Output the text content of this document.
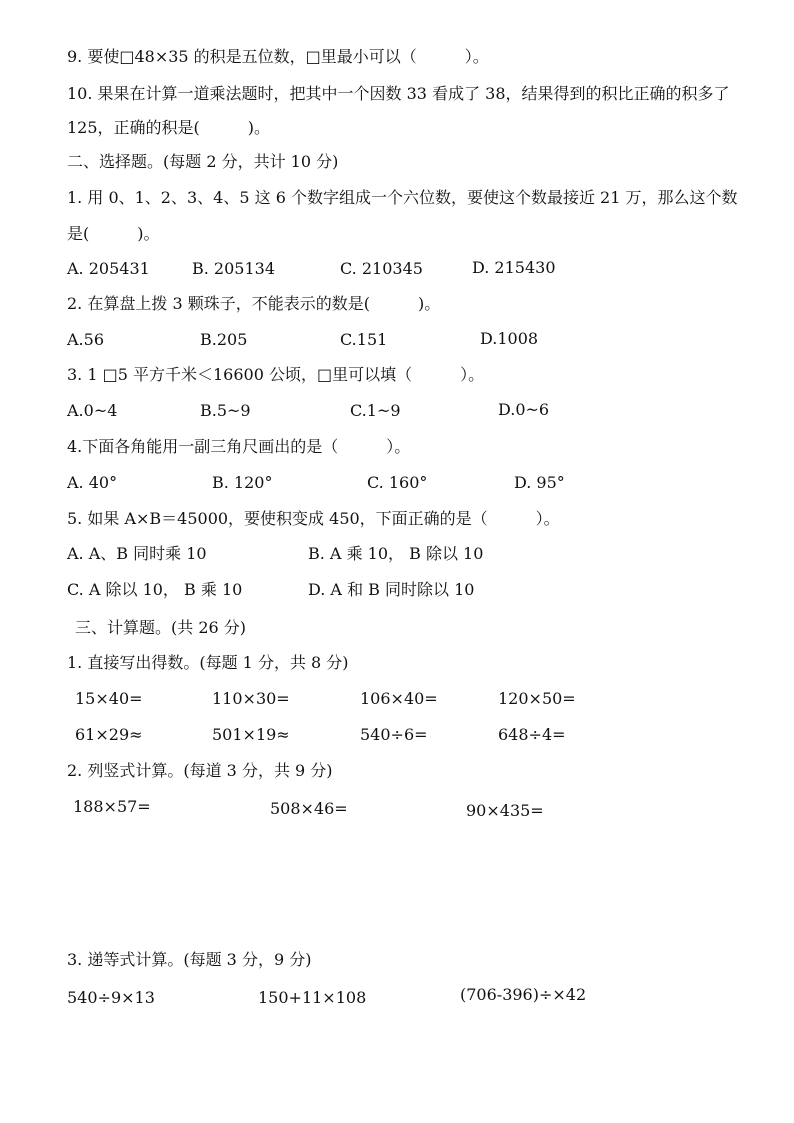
9. 要使□48×35 的积是五位数，□里最小可以（　　　）。
10. 果果在计算一道乘法题时，把其中一个因数 33 看成了 38，结果得到的积比正确的积多了
125，正确的积是(　　　)。
二、选择题。(每题 2 分，共计 10 分)
1. 用 0、1、2、3、4、5 这 6 个数字组成一个六位数，要使这个数最接近 21 万，那么这个数
是(　　　)。
A. 205431	B. 205134	C. 210345	D. 215430
2. 在算盘上拨 3 颗珠子，不能表示的数是(　　　)。
A.56	B.205	C.151	D.1008
3. 1 □5 平方千米＜16600 公顷，□里可以填（　　　）。
A.0~4	B.5~9	C.1~9	D.0~6
4.下面各角能用一副三角尺画出的是（　　　）。
A. 40°	B. 120°	C. 160°	D. 95°
5. 如果 A×B＝45000，要使积变成 450，下面正确的是（　　　）。
A. A、B 同时乘 10	B. A 乘 10， B 除以 10
C. A 除以 10， B 乘 10	D. A 和 B 同时除以 10
三、计算题。(共 26 分)
1. 直接写出得数。(每题 1 分，共 8 分)
15×40=	110×30=	106×40=	120×50=
61×29≈	501×19≈	540÷6=	648÷4=
2. 列竖式计算。(每道 3 分，共 9 分)
188×57=	508×46=	90×435=
3. 递等式计算。(每题 3 分，9 分)
540÷9×13	150+11×108	(706-396)÷×42
